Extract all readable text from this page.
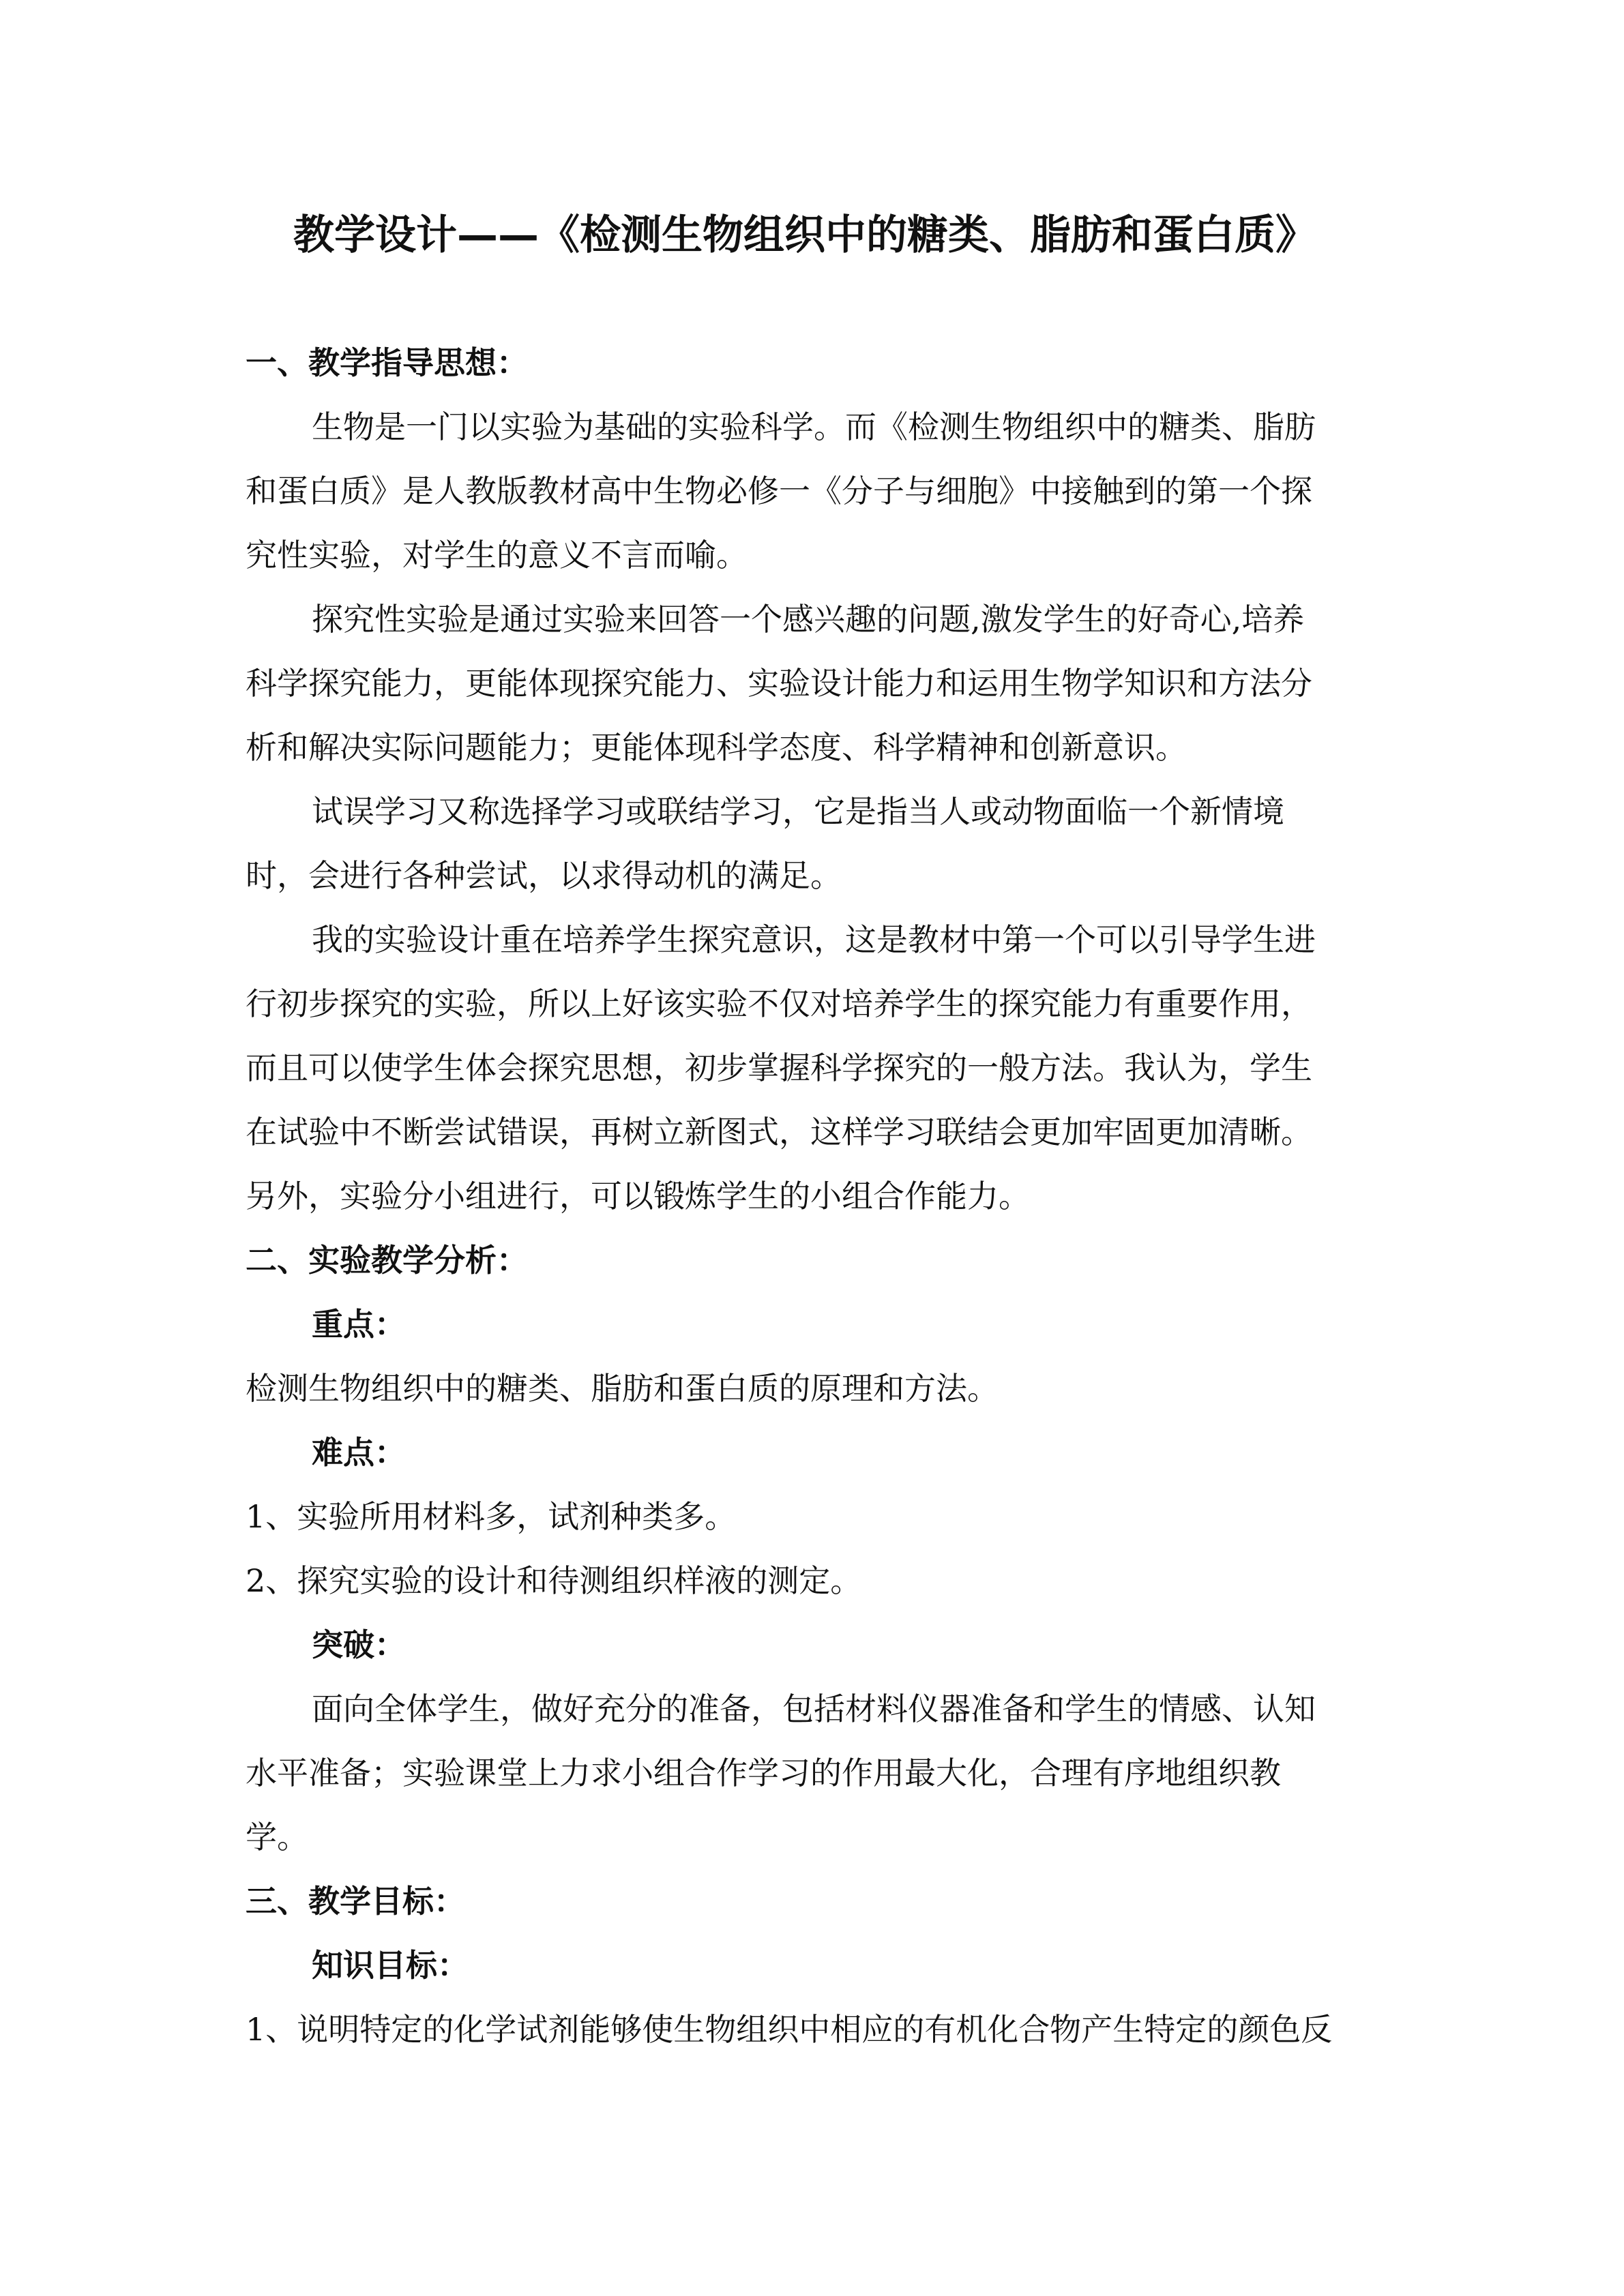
教学设计——《检测生物组织中的糖类、脂肪和蛋白质》
一、教学指导思想：
生物是一门以实验为基础的实验科学。而《检测生物组织中的糖类、脂肪
和蛋白质》是人教版教材高中生物必修一《分子与细胞》中接触到的第一个探
究性实验，对学生的意义不言而喻。
探究性实验是通过实验来回答一个感兴趣的问题,激发学生的好奇心,培养
科学探究能力，更能体现探究能力、实验设计能力和运用生物学知识和方法分
析和解决实际问题能力；更能体现科学态度、科学精神和创新意识。
试误学习又称选择学习或联结学习，它是指当人或动物面临一个新情境
时，会进行各种尝试，以求得动机的满足。
我的实验设计重在培养学生探究意识，这是教材中第一个可以引导学生进
行初步探究的实验，所以上好该实验不仅对培养学生的探究能力有重要作用，
而且可以使学生体会探究思想，初步掌握科学探究的一般方法。我认为，学生
在试验中不断尝试错误，再树立新图式，这样学习联结会更加牢固更加清晰。
另外，实验分小组进行，可以锻炼学生的小组合作能力。
二、实验教学分析：
重点：
检测生物组织中的糖类、脂肪和蛋白质的原理和方法。
难点：
1、实验所用材料多，试剂种类多。
2、探究实验的设计和待测组织样液的测定。
突破：
面向全体学生，做好充分的准备，包括材料仪器准备和学生的情感、认知
水平准备；实验课堂上力求小组合作学习的作用最大化，合理有序地组织教
学。
三、教学目标：
知识目标：
1、说明特定的化学试剂能够使生物组织中相应的有机化合物产生特定的颜色反
